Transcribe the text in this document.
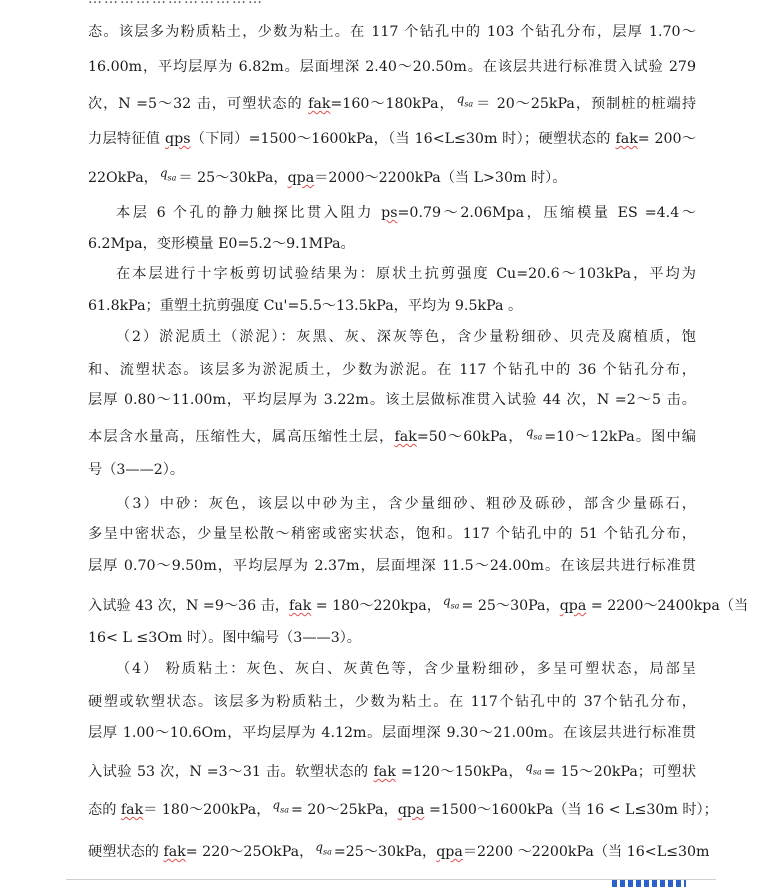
态。该层多为粉质粘土，少数为粘土。在 117 个钻孔中的 103 个钻孔分布，层厚 1.70～
16.00m，平均层厚为 6.82m。层面埋深 2.40～20.50m。在该层共进行标准贯入试验 279
次，N =5～32 击，可塑状态的 fak=160～180kPa， $q_{sa}$ ＝ 20～25kPa，预制桩的桩端持
力层特征值 qps（下同）=1500～1600kPa，（当 16<L≤30m 时）；硬塑状态的 fak= 200～
22OkPa， $q_{sa}$ ＝ 25～30kPa，qpa＝2000～2200kPa（当 L>30m 时）。
本层 6 个孔的静力触探比贯入阻力 ps=0.79～2.06Mpa，压缩模量 ES =4.4～
6.2Mpa，变形模量 E0=5.2～9.1MPa。
在本层进行十字板剪切试验结果为：原状土抗剪强度 Cu=20.6～103kPa，平均为
61.8kPa；重塑土抗剪强度 Cu'=5.5～13.5kPa，平均为 9.5kPa 。
（2）淤泥质土（淤泥）：灰黑、灰、深灰等色，含少量粉细砂、贝壳及腐植质，饱
和、流塑状态。该层多为淤泥质土，少数为淤泥。在 117 个钻孔中的 36 个钻孔分布，
层厚 0.80～11.00m，平均层厚为 3.22m。该土层做标准贯入试验 44 次，N =2～5 击。
本层含水量高，压缩性大，属高压缩性土层，fak=50～60kPa， $q_{sa}$ =10～12kPa。图中编
号（3——2）。
（3）中砂：灰色，该层以中砂为主，含少量细砂、粗砂及砾砂，部含少量砾石，
多呈中密状态，少量呈松散～稍密或密实状态，饱和。117 个钻孔中的 51 个钻孔分布，
层厚 0.70～9.50m，平均层厚为 2.37m，层面埋深 11.5～24.00m。在该层共进行标准贯
入试验 43 次，N =9～36 击，fak = 180～220kpa， $q_{sa}$ = 25～30Pa，qpa = 2200～2400kpa（当
16< L ≤3Om 时）。图中编号（3——3）。
（4） 粉质粘土：灰色、灰白、灰黄色等，含少量粉细砂，多呈可塑状态，局部呈
硬塑或软塑状态。该层多为粉质粘土，少数为粘土。在 117个钻孔中的 37个钻孔分布，
层厚 1.00～10.6Om，平均层厚为 4.12m。层面埋深 9.30～21.00m。在该层共进行标准贯
入试验 53 次，N =3～31 击。软塑状态的 fak =120～150kPa， $q_{sa}$ = 15～20kPa；可塑状
态的 fak＝ 180～200kPa， $q_{sa}$ = 20～25kPa，qpa =1500～1600kPa（当 16 < L≤30m 时）；
硬塑状态的 fak= 220～25OkPa， $q_{sa}$ =25～30kPa，qpa＝2200 ～2200kPa（当 16<L≤30m
